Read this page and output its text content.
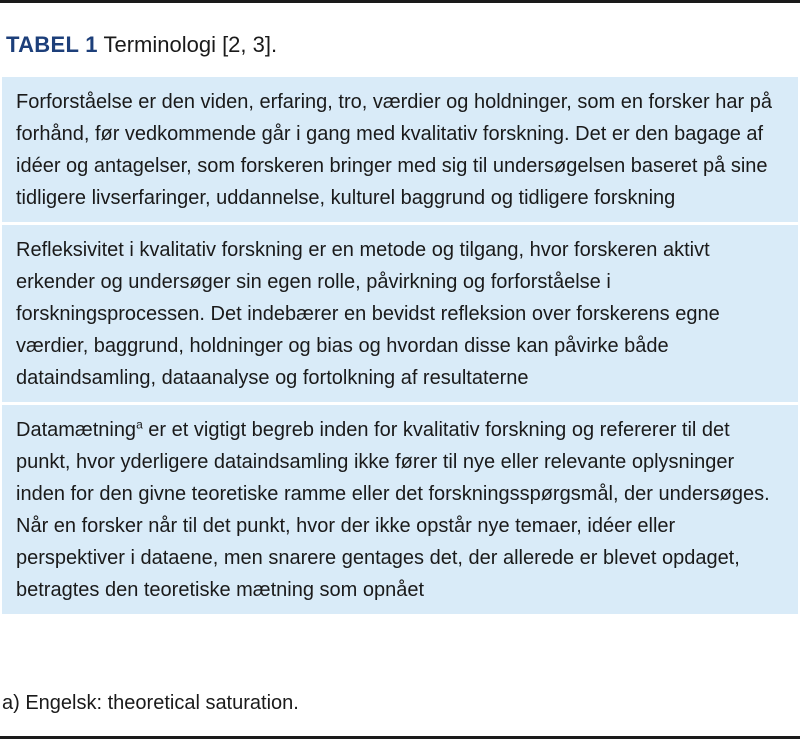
TABEL 1 Terminologi [2, 3].
Forforståelse er den viden, erfaring, tro, værdier og holdninger, som en forsker har på forhånd, før vedkommende går i gang med kvalitativ forskning. Det er den bagage af idéer og antagelser, som forskeren bringer med sig til undersøgelsen baseret på sine tidligere livserfaringer, uddannelse, kulturel baggrund og tidligere forskning
Refleksivitet i kvalitativ forskning er en metode og tilgang, hvor forskeren aktivt erkender og undersøger sin egen rolle, påvirkning og forforståelse i forskningsprocessen. Det indebærer en bevidst refleksion over forskerens egne værdier, baggrund, holdninger og bias og hvordan disse kan påvirke både dataindsamling, dataanalyse og fortolkning af resultaterne
Datamætning$^a$ er et vigtigt begreb inden for kvalitativ forskning og refererer til det punkt, hvor yderligere dataindsamling ikke fører til nye eller relevante oplysninger inden for den givne teoretiske ramme eller det forskningsspørgsmål, der undersøges. Når en forsker når til det punkt, hvor der ikke opstår nye temaer, idéer eller perspektiver i dataene, men snarere gentages det, der allerede er blevet opdaget, betragtes den teoretiske mætning som opnået
a) Engelsk: theoretical saturation.
